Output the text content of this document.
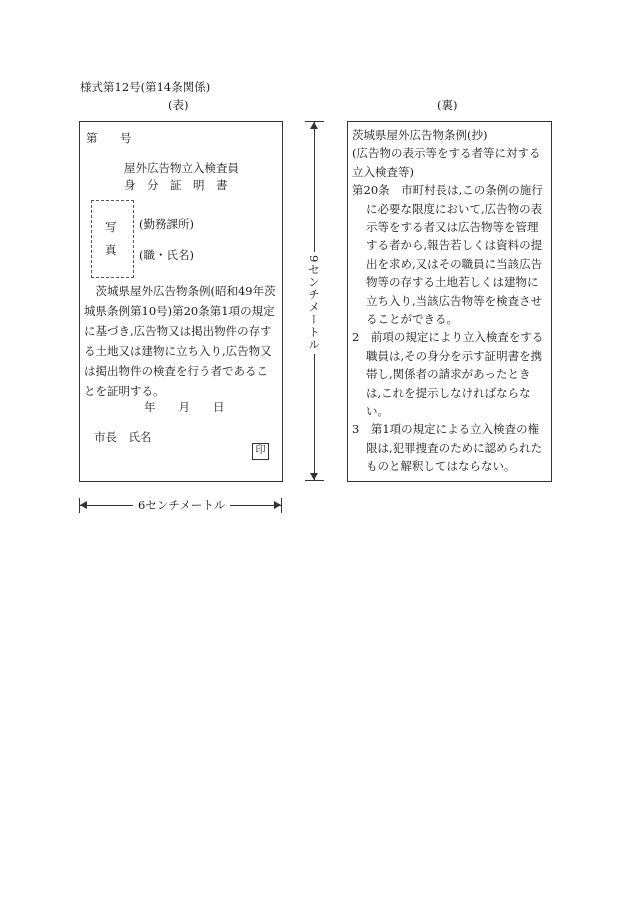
様式第12号(第14条関係)
(表)	(裏)
第 号
屋外広告物立入検査員
身　分　証　明　書
写
真
(勤務課所)
(職・氏名)
　茨城県屋外広告物条例(昭和49年茨
城県条例第10号)第20条第1項の規定
に基づき,広告物又は掲出物件の存す
る土地又は建物に立ち入り,広告物又
は掲出物件の検査を行う者であるこ
とを証明する。
年　　月　　日
市長　氏名
印
9センチメートル
6センチメートル
茨城県屋外広告物条例(抄)
(広告物の表示等をする者等に対する
立入検査等)
第20条　市町村長は,この条例の施行
に必要な限度において,広告物の表
示等をする者又は広告物等を管理
する者から,報告若しくは資料の提
出を求め,又はその職員に当該広告
物等の存する土地若しくは建物に
立ち入り,当該広告物等を検査させ
ることができる。
2　前項の規定により立入検査をする
職員は,その身分を示す証明書を携
帯し,関係者の請求があったとき
は,これを提示しなければならな
い。
3　第1項の規定による立入検査の権
限は,犯罪捜査のために認められた
ものと解釈してはならない。
